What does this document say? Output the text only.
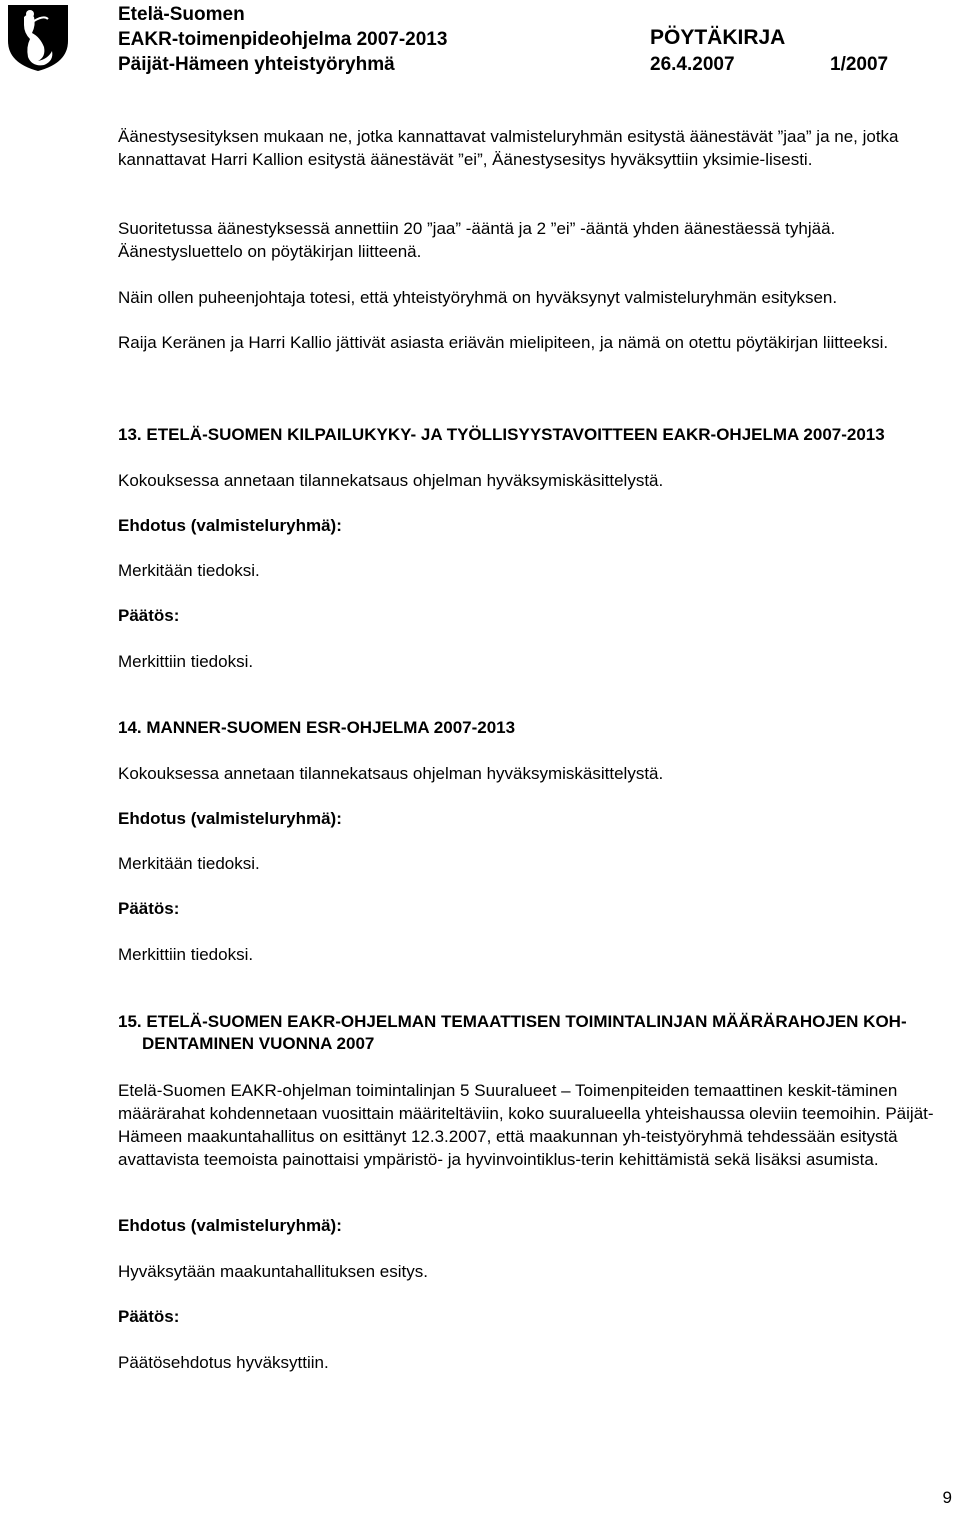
Etelä-Suomen
EAKR-toimenpideohjelma 2007-2013
Päijät-Hämeen yhteistyöryhmä
PÖYTÄKIRJA
26.4.2007	1/2007
Äänestysesityksen mukaan ne, jotka kannattavat valmisteluryhmän esitystä äänestävät ”jaa” ja ne, jotka kannattavat Harri Kallion esitystä äänestävät ”ei”, Äänestysesitys hyväksyttiin yksimie-lisesti.
Suoritetussa äänestyksessä annettiin 20 ”jaa” -ääntä ja 2 ”ei” -ääntä yhden äänestäessä tyhjää. Äänestysluettelo on pöytäkirjan liitteenä.
Näin ollen puheenjohtaja totesi, että yhteistyöryhmä on hyväksynyt valmisteluryhmän esityksen.
Raija Keränen ja Harri Kallio jättivät asiasta eriävän mielipiteen, ja nämä on otettu pöytäkirjan liitteeksi.
13. ETELÄ-SUOMEN KILPAILUKYKY- JA TYÖLLISYYSTAVOITTEEN EAKR-OHJELMA 2007-2013
Kokouksessa annetaan tilannekatsaus ohjelman hyväksymiskäsittelystä.
Ehdotus (valmisteluryhmä):
Merkitään tiedoksi.
Päätös:
Merkittiin tiedoksi.
14. MANNER-SUOMEN ESR-OHJELMA 2007-2013
Kokouksessa annetaan tilannekatsaus ohjelman hyväksymiskäsittelystä.
Ehdotus (valmisteluryhmä):
Merkitään tiedoksi.
Päätös:
Merkittiin tiedoksi.
15. ETELÄ-SUOMEN EAKR-OHJELMAN TEMAATTISEN TOIMINTALINJAN MÄÄRÄRAHOJEN KOH-
DENTAMINEN VUONNA 2007
Etelä-Suomen EAKR-ohjelman toimintalinjan 5 Suuralueet – Toimenpiteiden temaattinen keskit-täminen määrärahat kohdennetaan vuosittain määriteltäviin, koko suuralueella yhteishaussa oleviin teemoihin. Päijät-Hämeen maakuntahallitus on esittänyt 12.3.2007, että maakunnan yh-teistyöryhmä tehdessään esitystä avattavista teemoista painottaisi ympäristö- ja hyvinvointiklus-terin kehittämistä sekä lisäksi asumista.
Ehdotus (valmisteluryhmä):
Hyväksytään maakuntahallituksen esitys.
Päätös:
Päätösehdotus hyväksyttiin.
9
